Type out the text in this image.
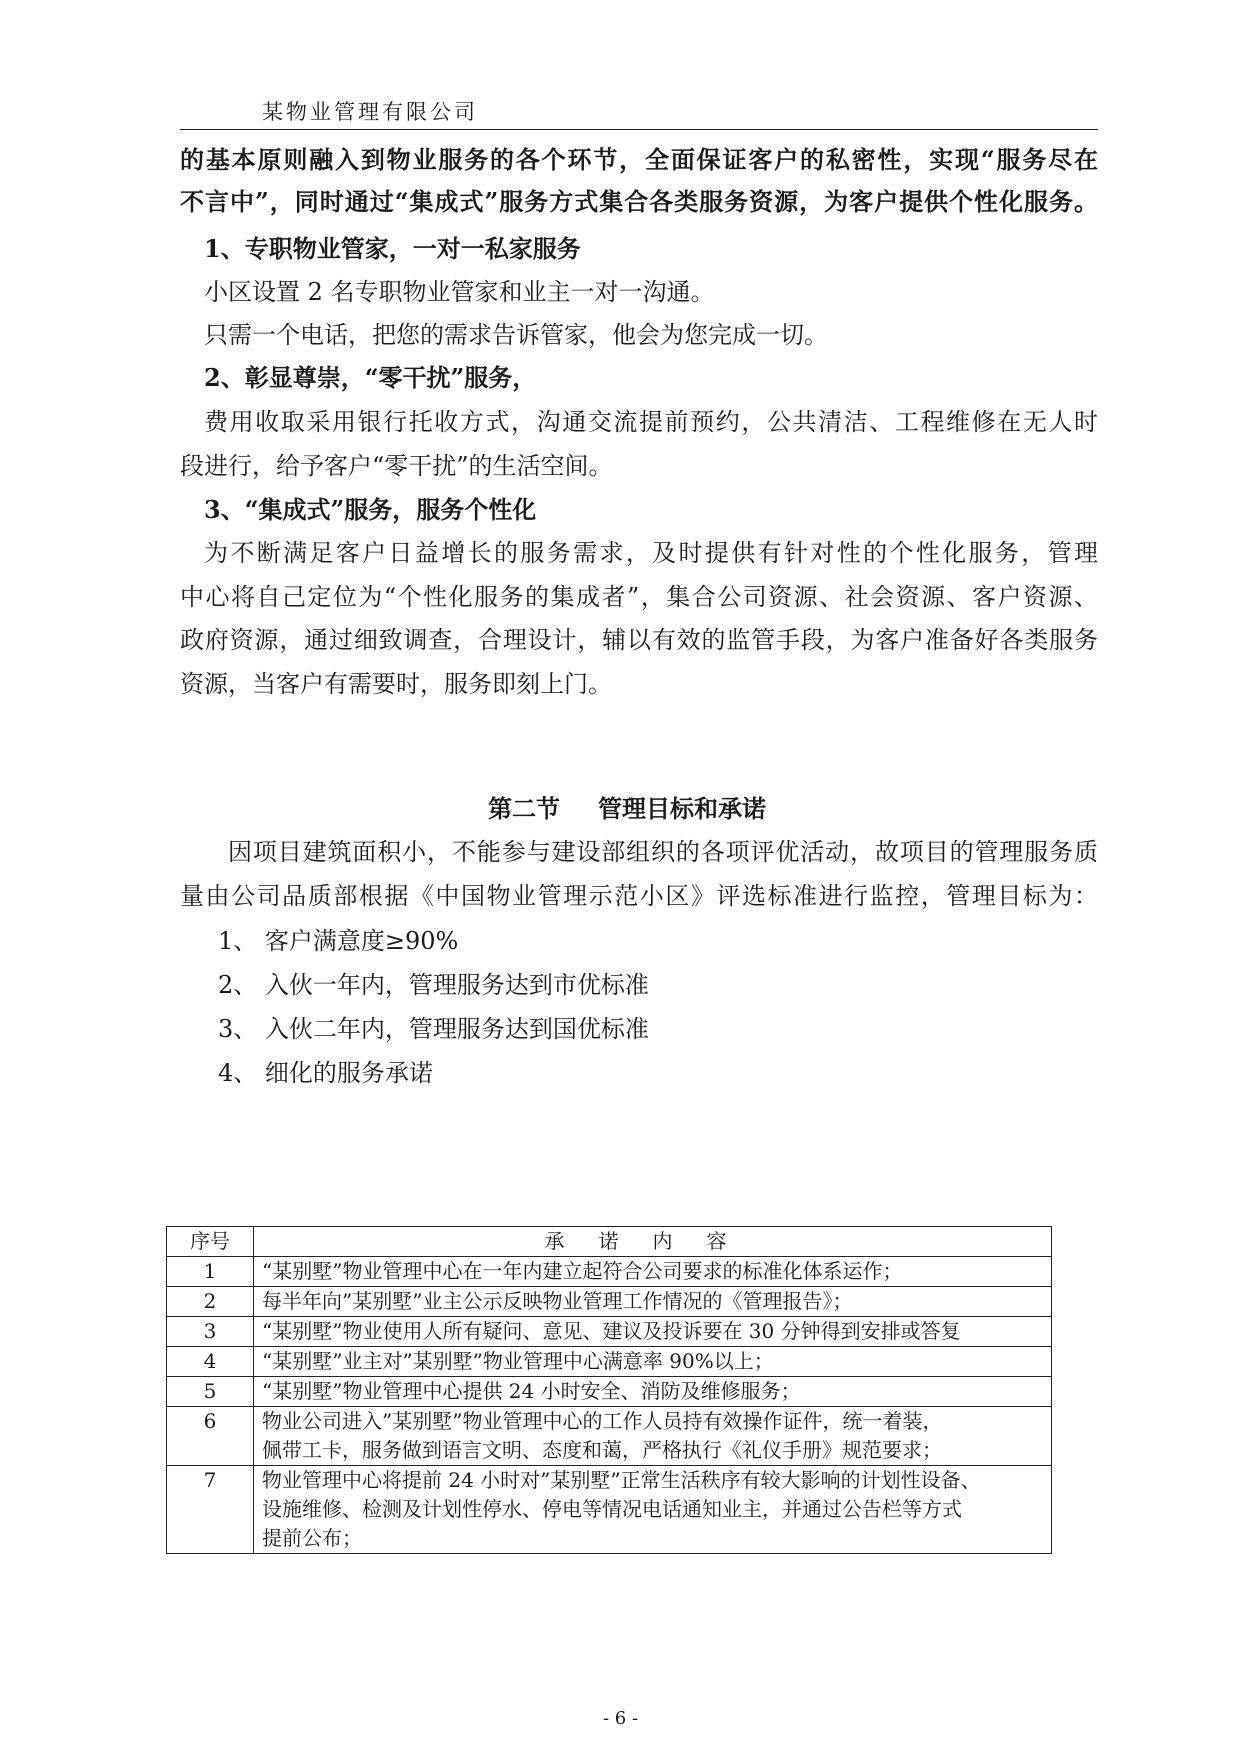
某物业管理有限公司
的基本原则融入到物业服务的各个环节，全面保证客户的私密性，实现“服务尽在
不言中”，同时通过“集成式”服务方式集合各类服务资源，为客户提供个性化服务。
1、专职物业管家，一对一私家服务
小区设置 2 名专职物业管家和业主一对一沟通。
只需一个电话，把您的需求告诉管家，他会为您完成一切。
2、彰显尊崇，“零干扰”服务，
费用收取采用银行托收方式，沟通交流提前预约，公共清洁、工程维修在无人时
段进行，给予客户“零干扰”的生活空间。
3、“集成式”服务，服务个性化
为不断满足客户日益增长的服务需求，及时提供有针对性的个性化服务，管理
中心将自己定位为“个性化服务的集成者”，集合公司资源、社会资源、客户资源、
政府资源，通过细致调查，合理设计，辅以有效的监管手段，为客户准备好各类服务
资源，当客户有需要时，服务即刻上门。
第二节 管理目标和承诺
因项目建筑面积小，不能参与建设部组织的各项评优活动，故项目的管理服务质
量由公司品质部根据《中国物业管理示范小区》评选标准进行监控，管理目标为：
1、 客户满意度≥90%
2、 入伙一年内，管理服务达到市优标准
3、 入伙二年内，管理服务达到国优标准
4、 细化的服务承诺
序号	承诺内容
1	“某别墅”物业管理中心在一年内建立起符合公司要求的标准化体系运作；

2	每半年向”某别墅”业主公示反映物业管理工作情况的《管理报告》；

3	“某别墅”物业使用人所有疑问、意见、建议及投诉要在 30 分钟得到安排或答复

4	“某别墅”业主对”某别墅”物业管理中心满意率 90%以上；

5	“某别墅”物业管理中心提供 24 小时安全、消防及维修服务；

6	物业公司进入”某别墅”物业管理中心的工作人员持有效操作证件，统一着装，
佩带工卡，服务做到语言文明、态度和蔼，严格执行《礼仪手册》规范要求；

7	物业管理中心将提前 24 小时对”某别墅”正常生活秩序有较大影响的计划性设备、
设施维修、检测及计划性停水、停电等情况电话通知业主，并通过公告栏等方式
提前公布；
- 6 -
